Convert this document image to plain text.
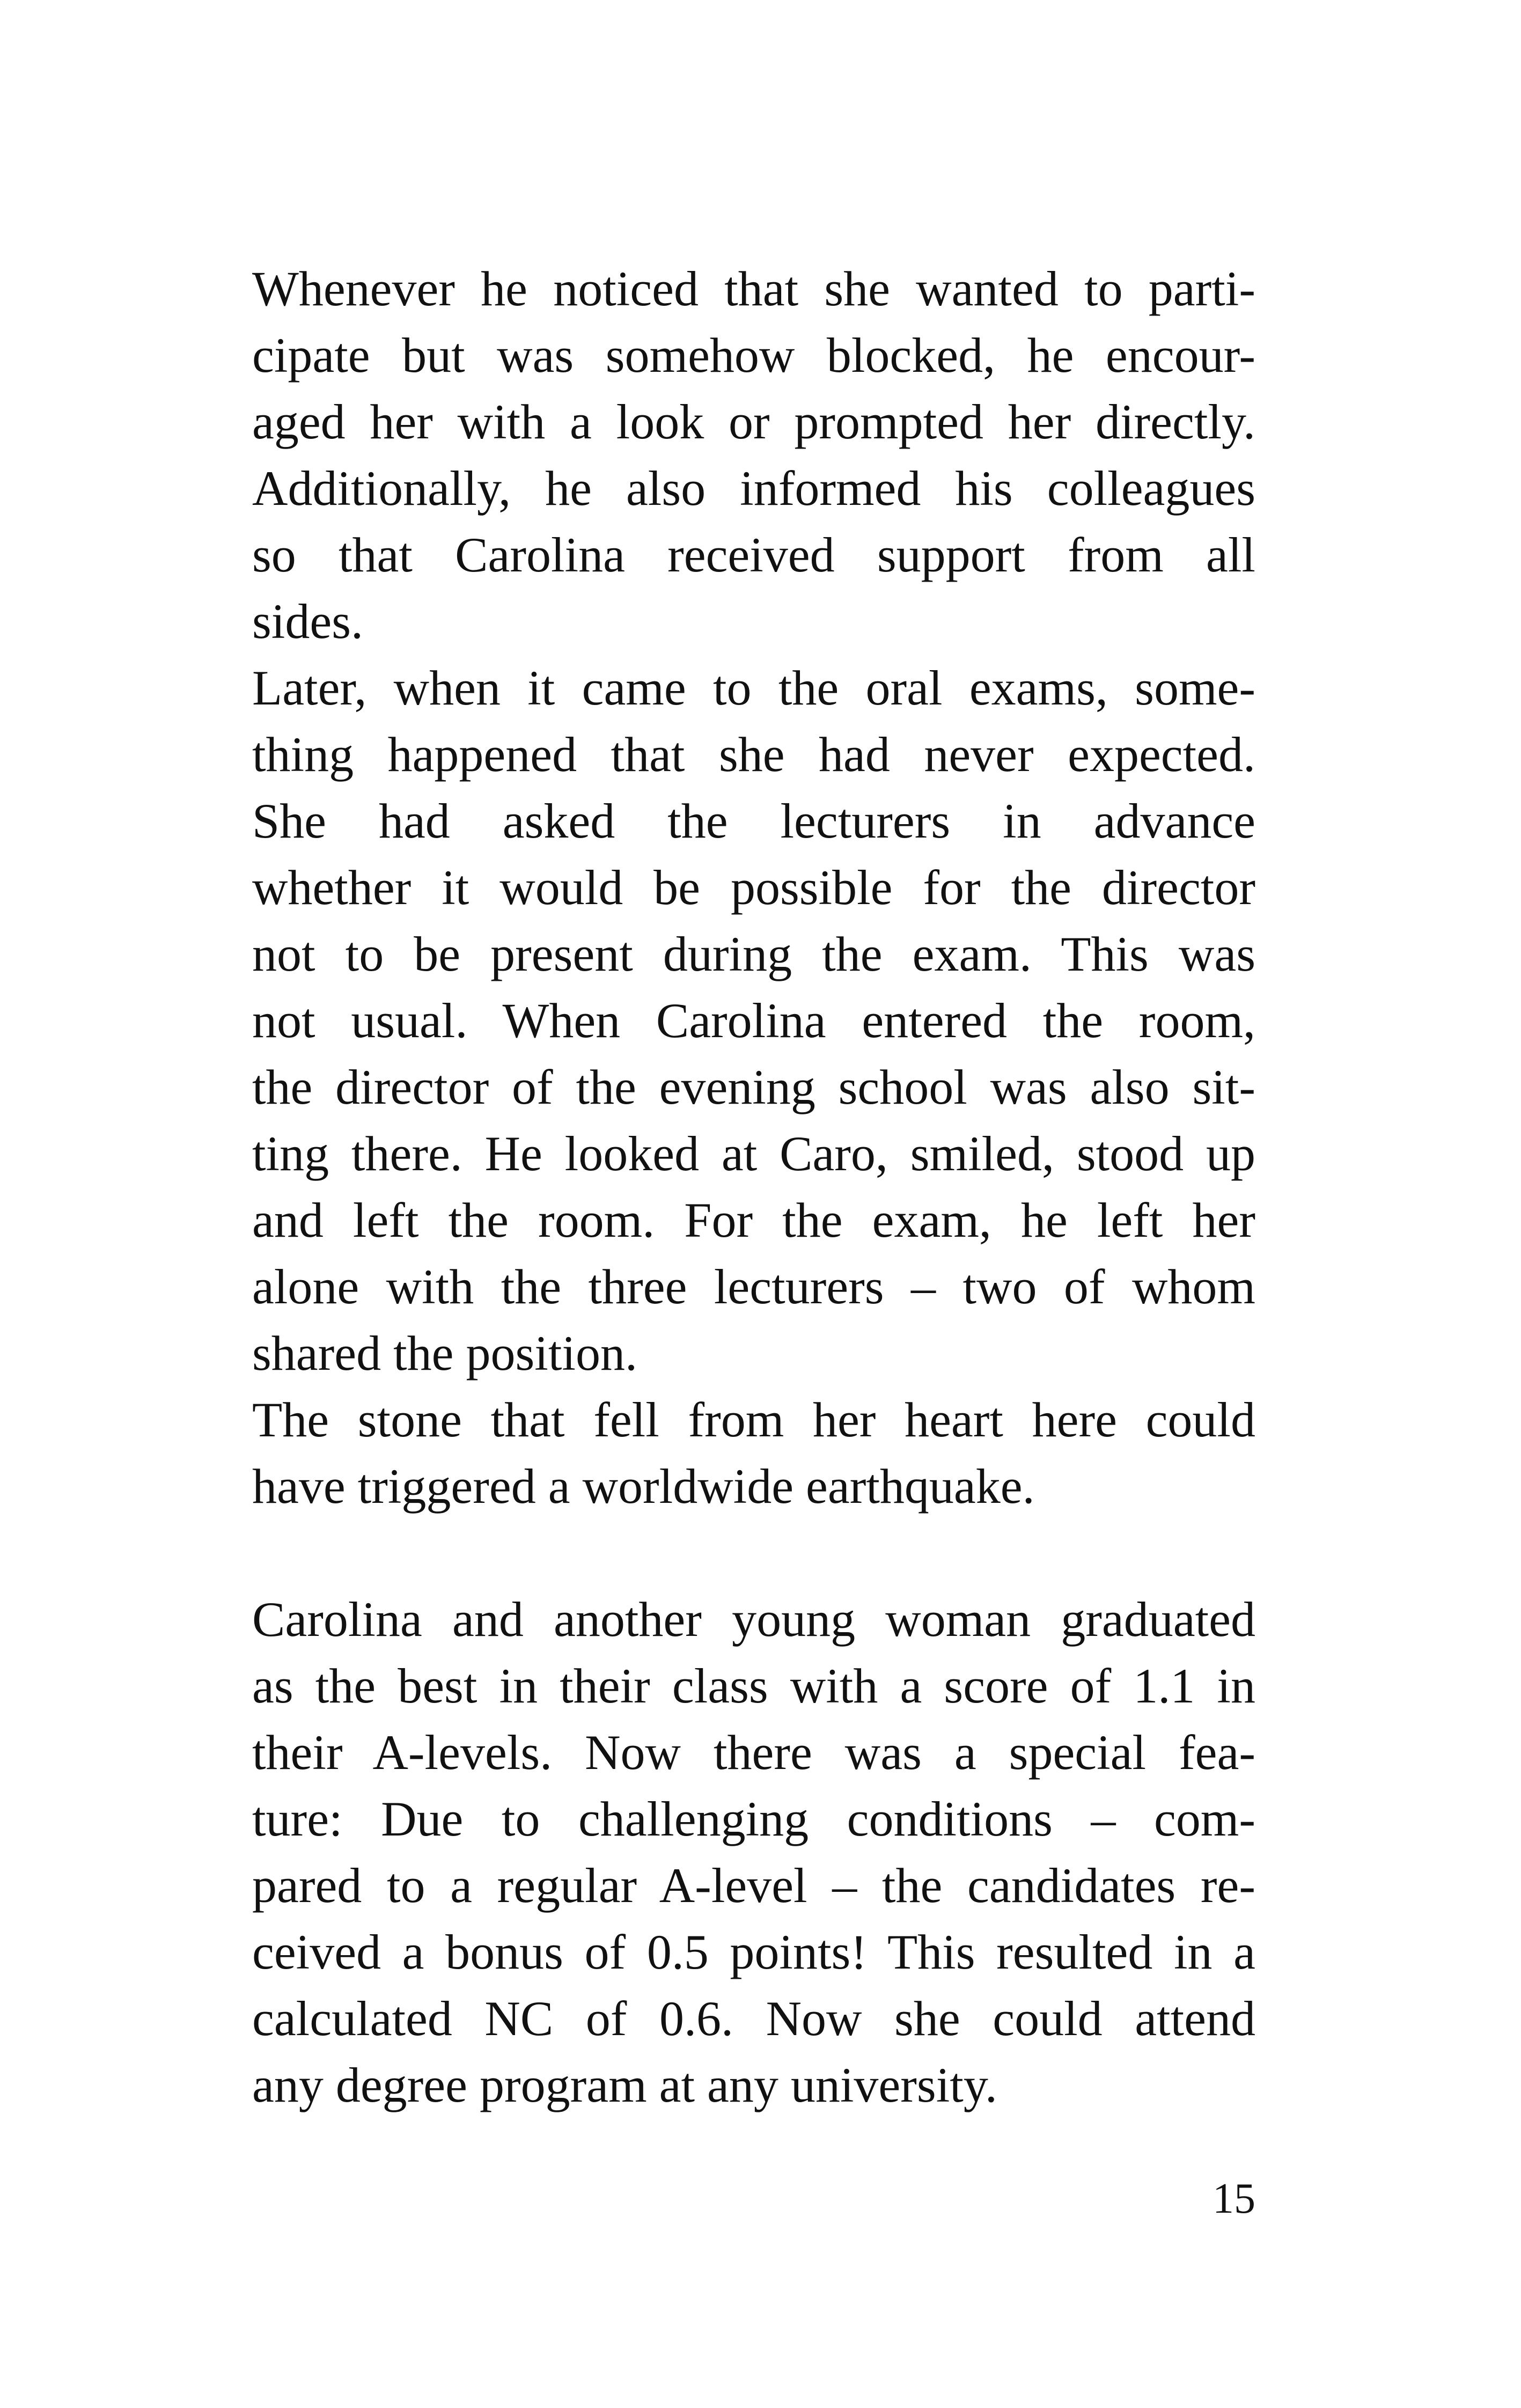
Whenever he noticed that she wanted to parti-
cipate but was somehow blocked, he encour-
aged her with a look or prompted her directly.
Additionally, he also informed his colleagues
so that Carolina received support from all
sides.
Later, when it came to the oral exams, some-
thing happened that she had never expected.
She had asked the lecturers in advance
whether it would be possible for the director
not to be present during the exam. This was
not usual. When Carolina entered the room,
the director of the evening school was also sit-
ting there. He looked at Caro, smiled, stood up
and left the room. For the exam, he left her
alone with the three lecturers – two of whom
shared the position.
The stone that fell from her heart here could
have triggered a worldwide earthquake.
Carolina and another young woman graduated
as the best in their class with a score of 1.1 in
their A-levels. Now there was a special fea-
ture: Due to challenging conditions – com-
pared to a regular A-level – the candidates re-
ceived a bonus of 0.5 points! This resulted in a
calculated NC of 0.6. Now she could attend
any degree program at any university.
15
